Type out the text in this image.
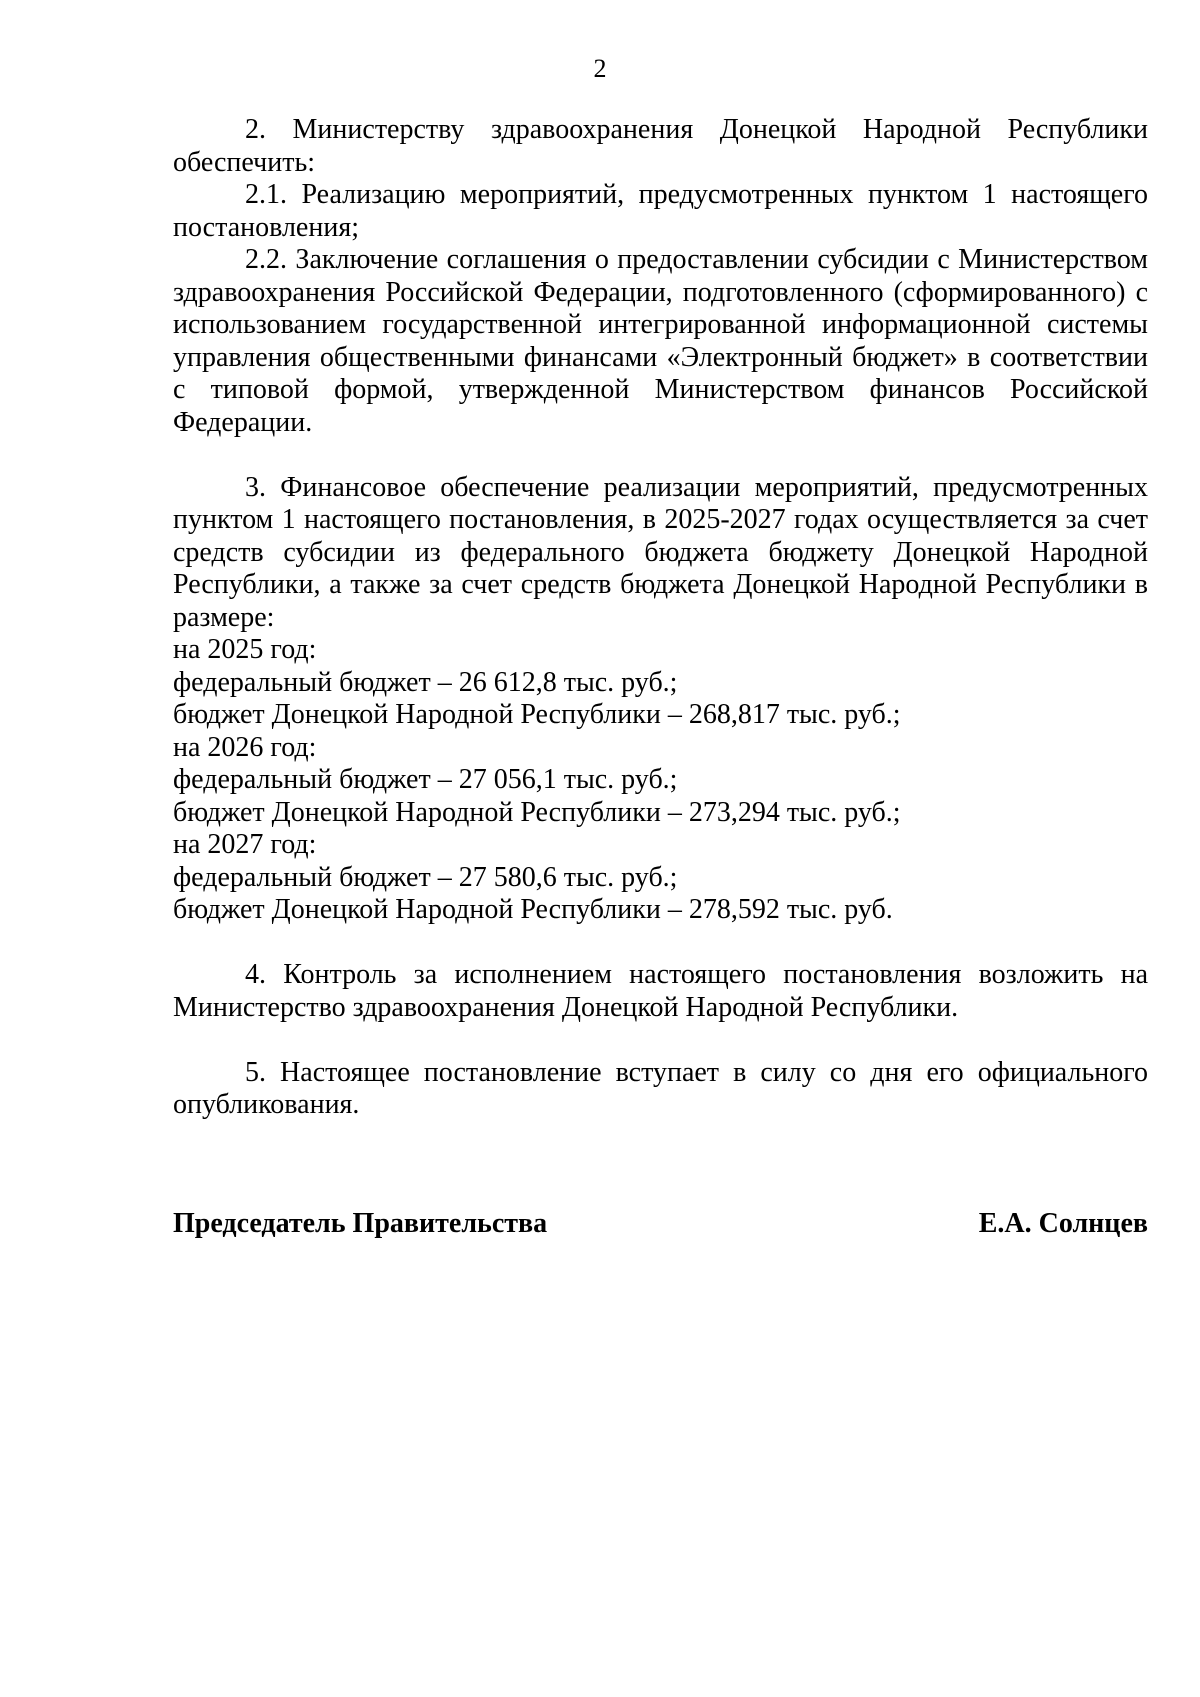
2

2. Министерству здравоохранения Донецкой Народной Республики обеспечить:

2.1. Реализацию мероприятий, предусмотренных пунктом 1 настоящего постановления;

2.2. Заключение соглашения о предоставлении субсидии с Министерством здравоохранения Российской Федерации, подготовленного (сформированного) с использованием государственной интегрированной информационной системы управления общественными финансами «Электронный бюджет» в соответствии с типовой формой, утвержденной Министерством финансов Российской Федерации.

3. Финансовое обеспечение реализации мероприятий, предусмотренных пунктом 1 настоящего постановления, в 2025-2027 годах осуществляется за счет средств субсидии из федерального бюджета бюджету Донецкой Народной Республики, а также за счет средств бюджета Донецкой Народной Республики в размере:

на 2025 год:

федеральный бюджет – 26 612,8 тыс. руб.;

бюджет Донецкой Народной Республики – 268,817 тыс. руб.;

на 2026 год:

федеральный бюджет – 27 056,1 тыс. руб.;

бюджет Донецкой Народной Республики – 273,294 тыс. руб.;

на 2027 год:

федеральный бюджет – 27 580,6 тыс. руб.;

бюджет Донецкой Народной Республики – 278,592 тыс. руб.

4. Контроль за исполнением настоящего постановления возложить на Министерство здравоохранения Донецкой Народной Республики.

5. Настоящее постановление вступает в силу со дня его официального опубликования.

Председатель Правительства	Е.А. Солнцев
